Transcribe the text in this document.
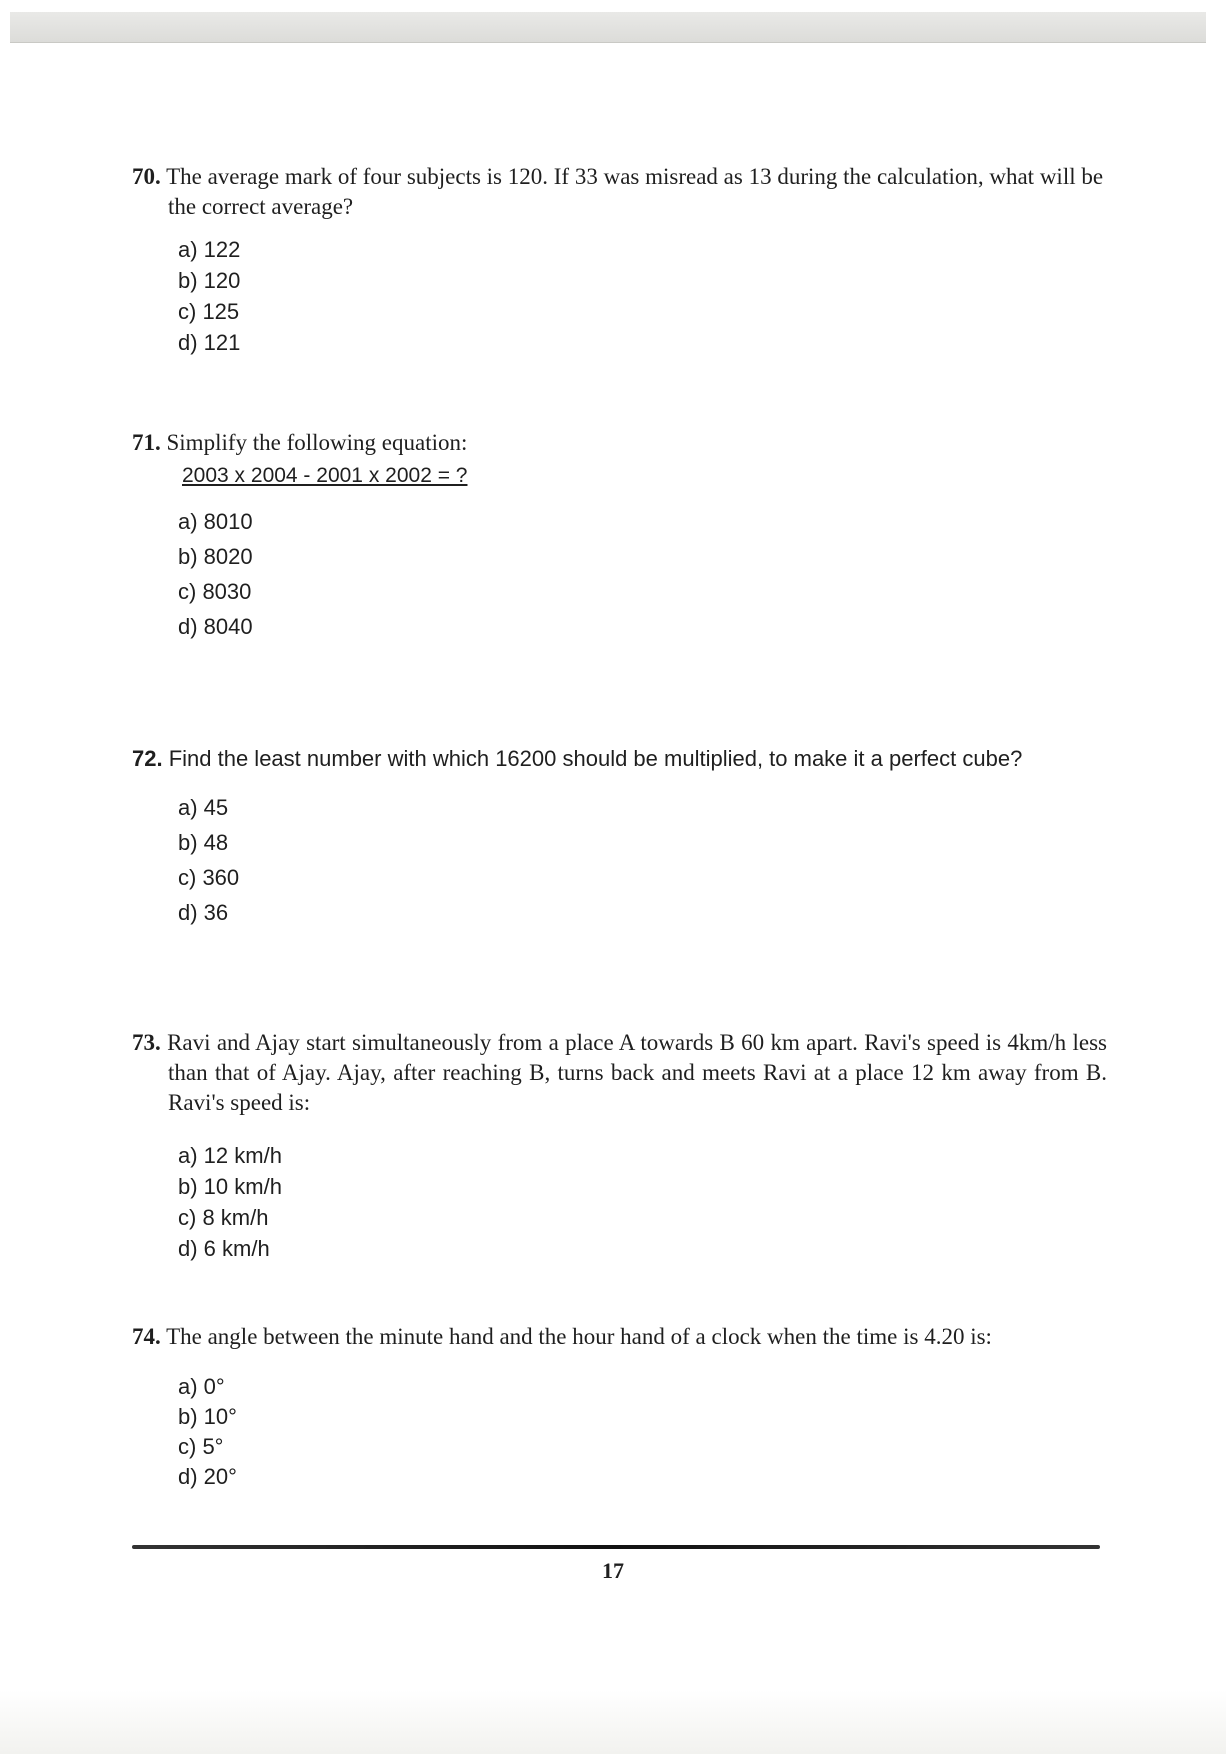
70. The average mark of four subjects is 120. If 33 was misread as 13 during the calculation, what will be the correct average?
a) 122
b) 120
c) 125
d) 121
71. Simplify the following equation:
2003 x 2004 - 2001 x 2002 = ?
a) 8010
b) 8020
c) 8030
d) 8040
72. Find the least number with which 16200 should be multiplied, to make it a perfect cube?
a) 45
b) 48
c) 360
d) 36
73. Ravi and Ajay start simultaneously from a place A towards B 60 km apart. Ravi's speed is 4km/h less than that of Ajay. Ajay, after reaching B, turns back and meets Ravi at a place 12 km away from B. Ravi's speed is:
a) 12 km/h
b) 10 km/h
c) 8 km/h
d) 6 km/h
74. The angle between the minute hand and the hour hand of a clock when the time is 4.20 is:
a) 0°
b) 10°
c) 5°
d) 20°
17
